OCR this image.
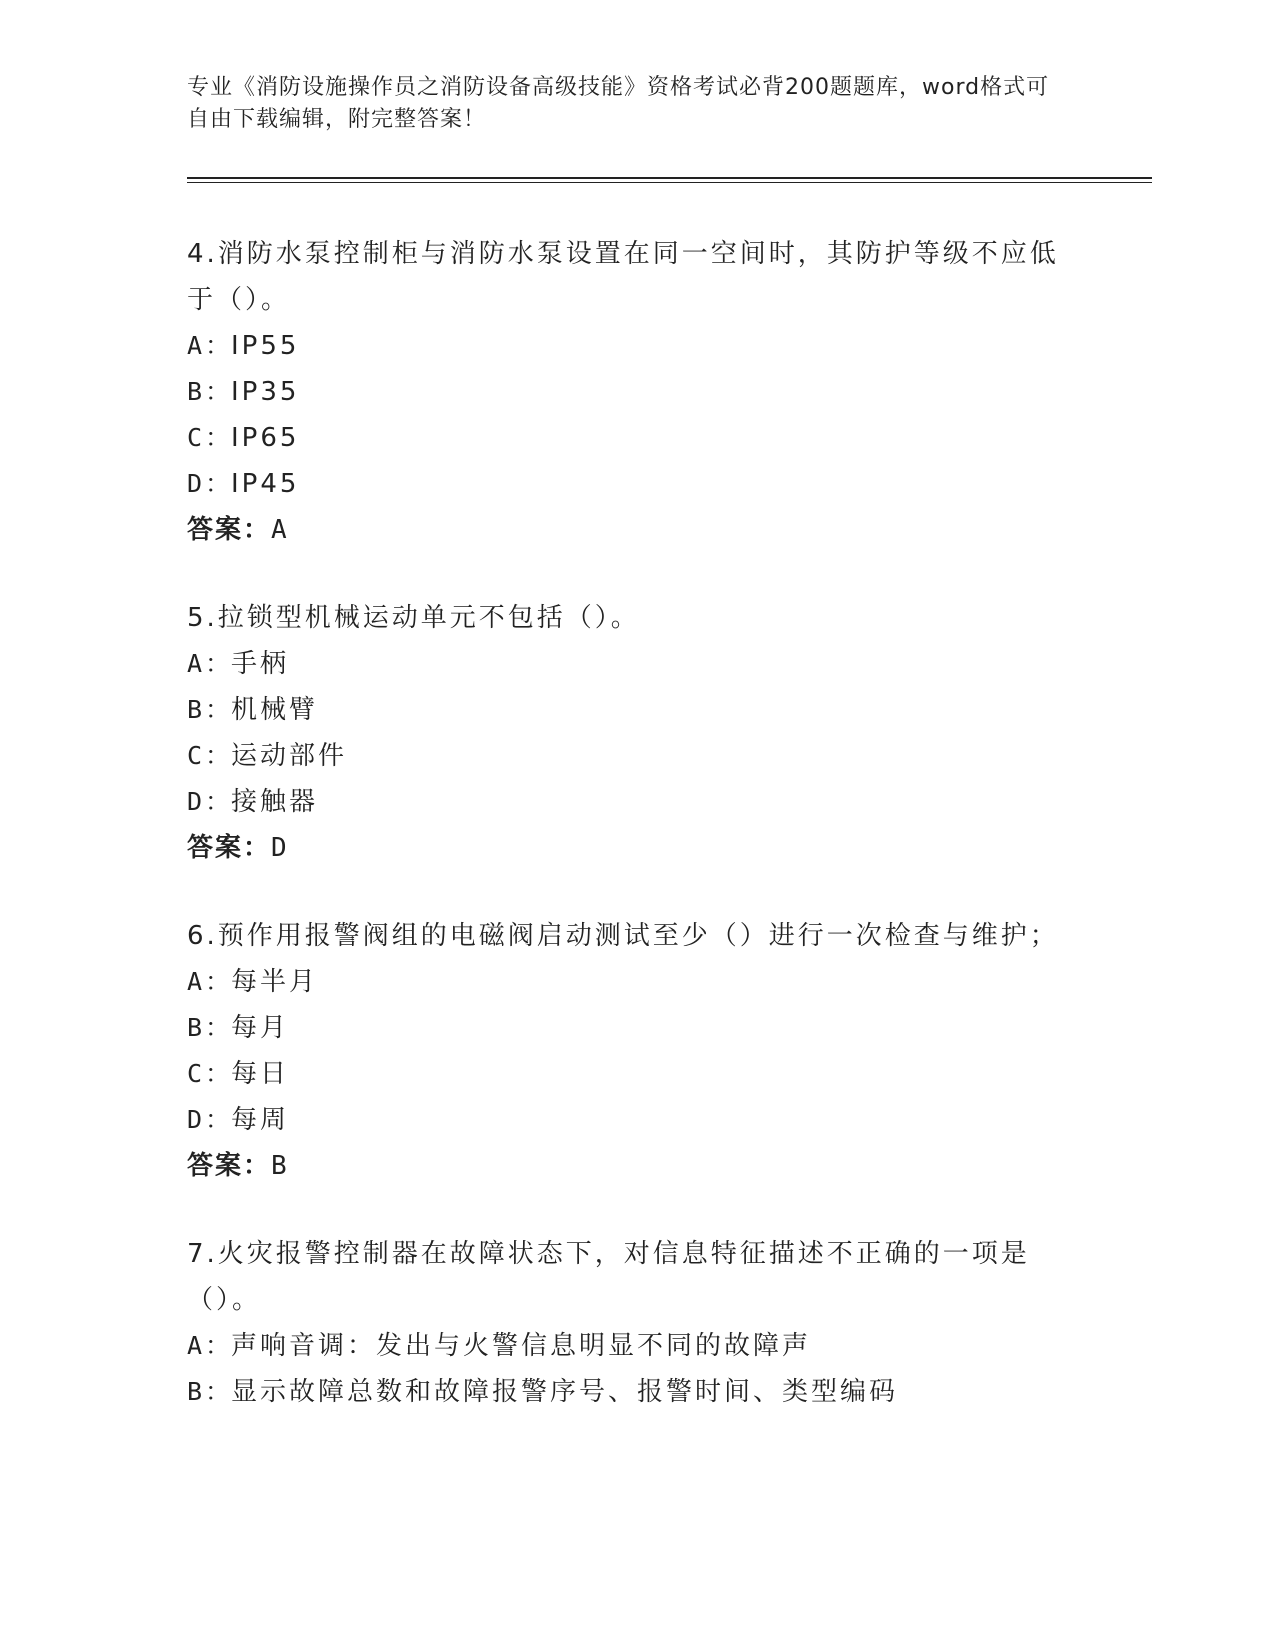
专业《消防设施操作员之消防设备高级技能》资格考试必背200题题库，word格式可自由下载编辑，附完整答案！

4.消防水泵控制柜与消防水泵设置在同一空间时，其防护等级不应低于（）。

A：
IP55
B：
IP35
C：
IP65
D：
IP45
答案：A

5.拉锁型机械运动单元不包括（）。

A：
手柄
B：
机械臂
C：
运动部件
D：
接触器
答案：D

6.预作用报警阀组的电磁阀启动测试至少（）进行一次检查与维护；

A：
每半月
B：
每月
C：
每日
D：
每周
答案：B

7.火灾报警控制器在故障状态下，对信息特征描述不正确的一项是（）。

A：
声响音调：发出与火警信息明显不同的故障声
B：
显示故障总数和故障报警序号、报警时间、类型编码
